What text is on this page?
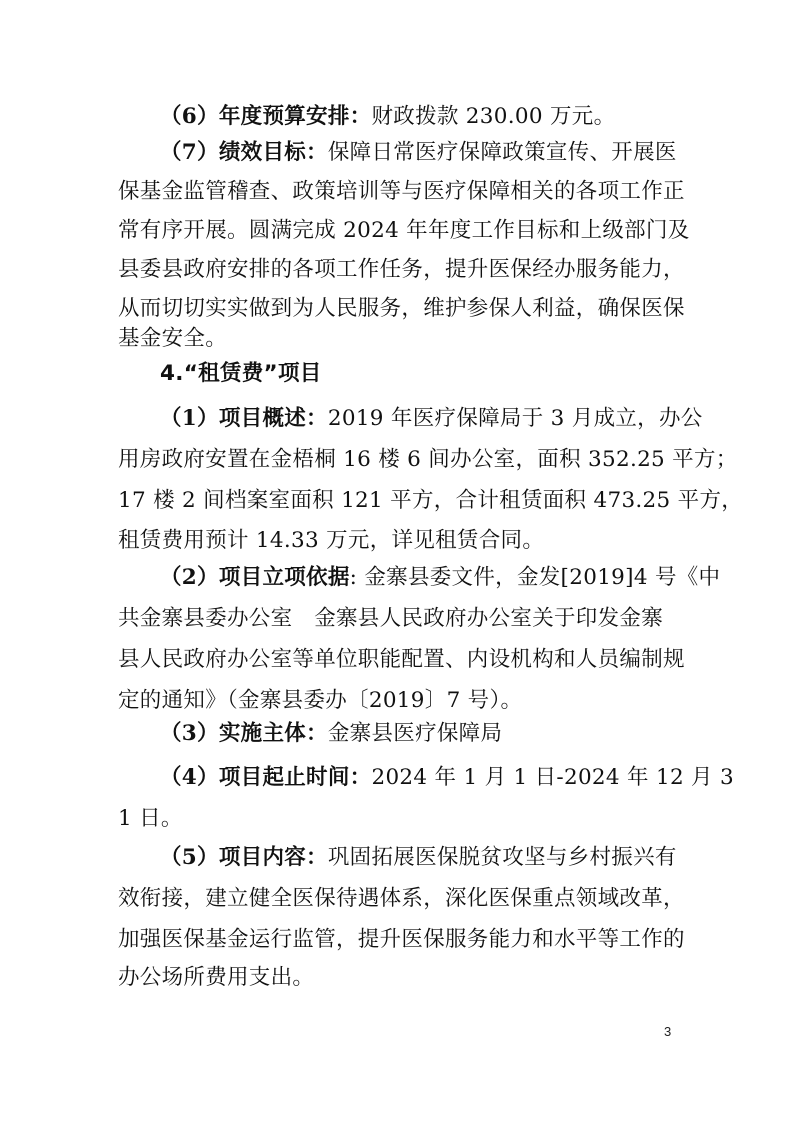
（6）年度预算安排：财政拨款 230.00 万元。
（7）绩效目标：保障日常医疗保障政策宣传、开展医
保基金监管稽查、政策培训等与医疗保障相关的各项工作正
常有序开展。圆满完成 2024 年年度工作目标和上级部门及
县委县政府安排的各项工作任务，提升医保经办服务能力，
从而切切实实做到为人民服务，维护参保人利益，确保医保
基金安全。
4.“租赁费”项目
（1）项目概述：2019 年医疗保障局于 3 月成立，办公
用房政府安置在金梧桐 16 楼 6 间办公室，面积 352.25 平方；
17 楼 2 间档案室面积 121 平方，合计租赁面积 473.25 平方，
租赁费用预计 14.33 万元，详见租赁合同。
（2）项目立项依据: 金寨县委文件，金发[2019]4 号《中
共金寨县委办公室　金寨县人民政府办公室关于印发金寨
县人民政府办公室等单位职能配置、内设机构和人员编制规
定的通知》（金寨县委办〔2019〕7 号）。
（3）实施主体：金寨县医疗保障局
（4）项目起止时间：2024 年 1 月 1 日-2024 年 12 月 3
1 日。
（5）项目内容：巩固拓展医保脱贫攻坚与乡村振兴有
效衔接，建立健全医保待遇体系，深化医保重点领域改革，
加强医保基金运行监管，提升医保服务能力和水平等工作的
办公场所费用支出。
3
